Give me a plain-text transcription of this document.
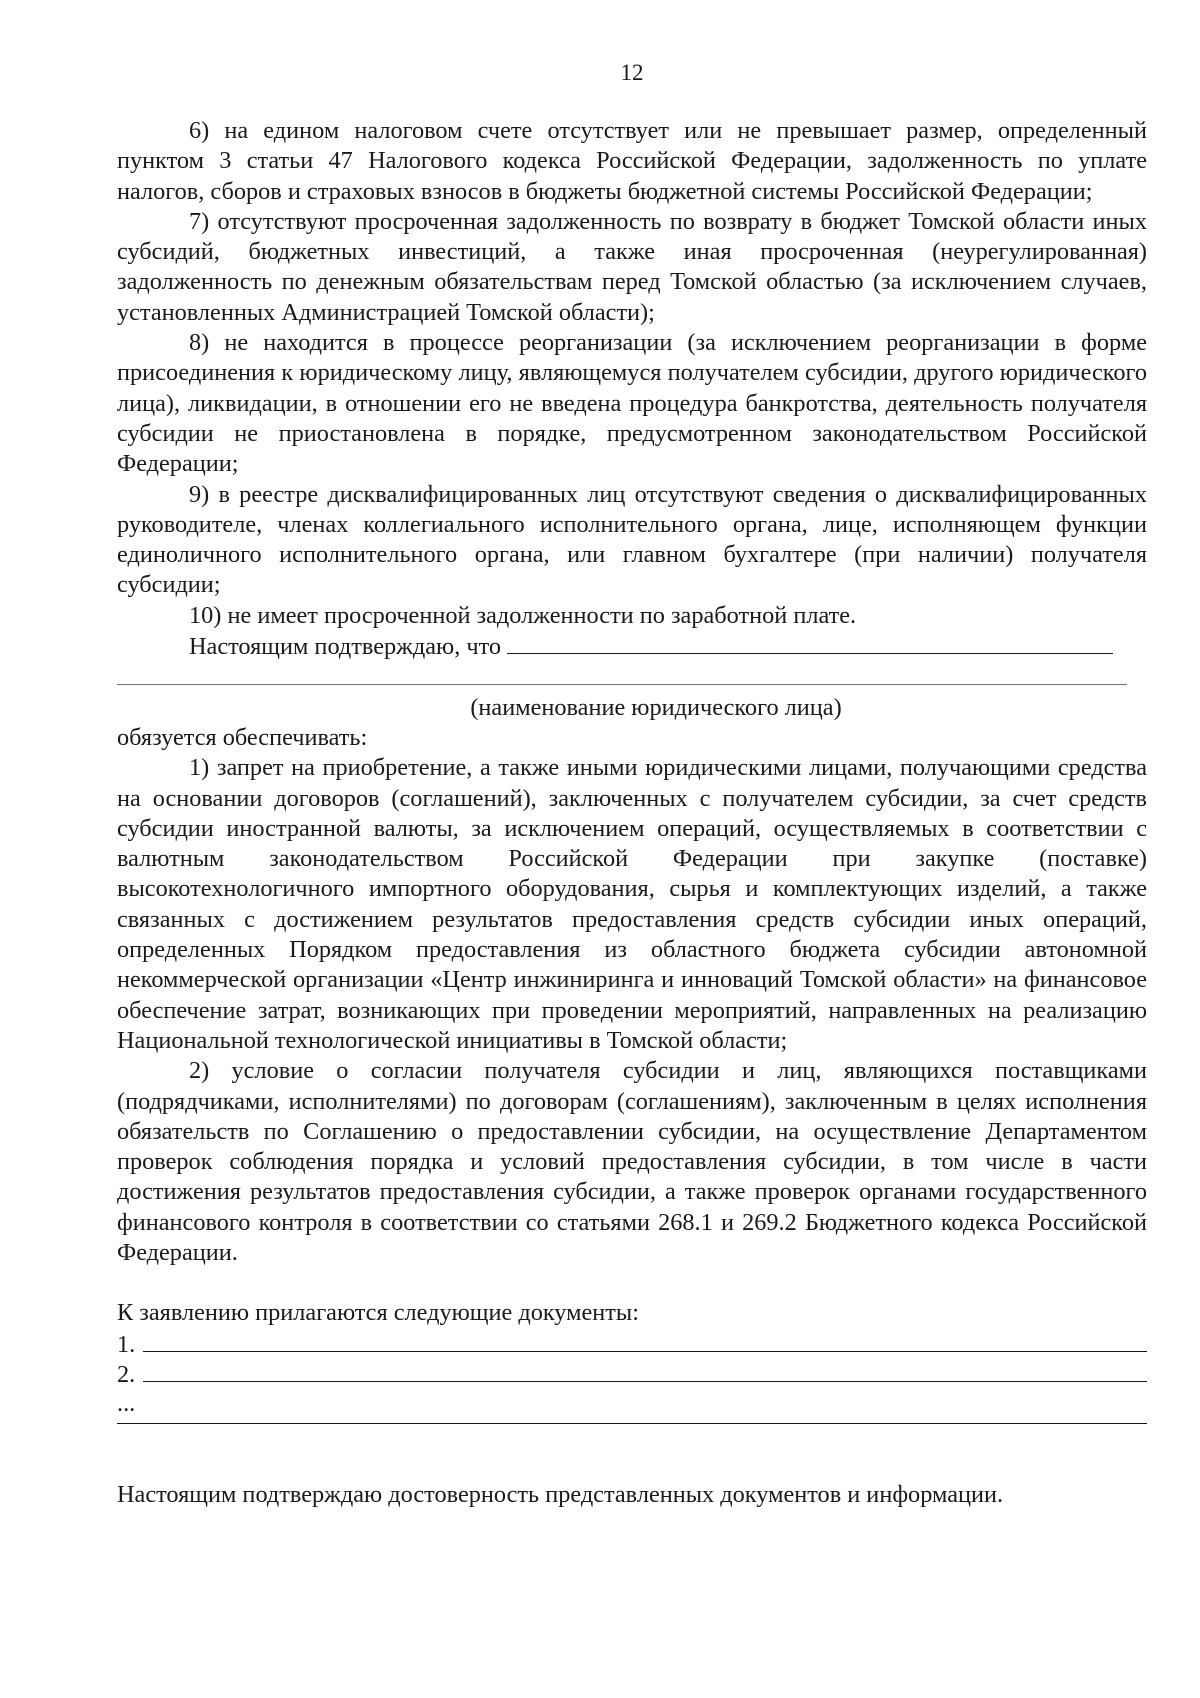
12

6) на едином налоговом счете отсутствует или не превышает размер, определенный пунктом 3 статьи 47 Налогового кодекса Российской Федерации, задолженность по уплате налогов, сборов и страховых взносов в бюджеты бюджетной системы Российской Федерации;

7) отсутствуют просроченная задолженность по возврату в бюджет Томской области иных субсидий, бюджетных инвестиций, а также иная просроченная (неурегулированная) задолженность по денежным обязательствам перед Томской областью (за исключением случаев, установленных Администрацией Томской области);

8) не находится в процессе реорганизации (за исключением реорганизации в форме присоединения к юридическому лицу, являющемуся получателем субсидии, другого юридического лица), ликвидации, в отношении его не введена процедура банкротства, деятельность получателя субсидии не приостановлена в порядке, предусмотренном законодательством Российской Федерации;

9) в реестре дисквалифицированных лиц отсутствуют сведения о дисквалифицированных руководителе, членах коллегиального исполнительного органа, лице, исполняющем функции единоличного исполнительного органа, или главном бухгалтере (при наличии) получателя субсидии;

10) не имеет просроченной задолженности по заработной плате.

Настоящим подтверждаю, что

(наименование юридического лица)

обязуется обеспечивать:

1) запрет на приобретение, а также иными юридическими лицами, получающими средства на основании договоров (соглашений), заключенных с получателем субсидии, за счет средств субсидии иностранной валюты, за исключением операций, осуществляемых в соответствии с валютным законодательством Российской Федерации при закупке (поставке) высокотехнологичного импортного оборудования, сырья и комплектующих изделий, а также связанных с достижением результатов предоставления средств субсидии иных операций, определенных Порядком предоставления из областного бюджета субсидии автономной некоммерческой организации «Центр инжиниринга и инноваций Томской области» на финансовое обеспечение затрат, возникающих при проведении мероприятий, направленных на реализацию Национальной технологической инициативы в Томской области;

2) условие о согласии получателя субсидии и лиц, являющихся поставщиками (подрядчиками, исполнителями) по договорам (соглашениям), заключенным в целях исполнения обязательств по Соглашению о предоставлении субсидии, на осуществление Департаментом проверок соблюдения порядка и условий предоставления субсидии, в том числе в части достижения результатов предоставления субсидии, а также проверок органами государственного финансового контроля в соответствии со статьями 268.1 и 269.2 Бюджетного кодекса Российской Федерации.

К заявлению прилагаются следующие документы:

1.
2.
...

Настоящим подтверждаю достоверность представленных документов и информации.
